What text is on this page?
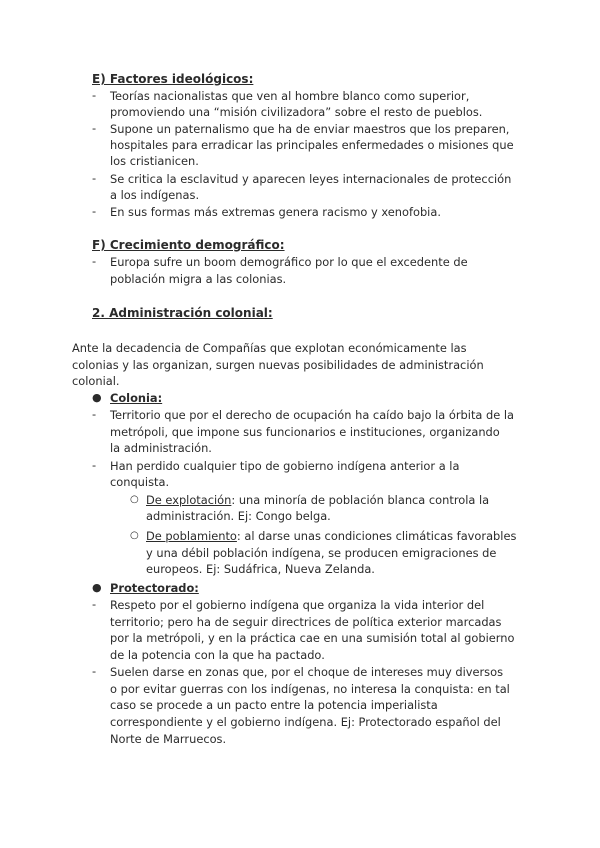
E) Factores ideológicos:
- Teorías nacionalistas que ven al hombre blanco como superior,
promoviendo una “misión civilizadora” sobre el resto de pueblos.
- Supone un paternalismo que ha de enviar maestros que los preparen,
hospitales para erradicar las principales enfermedades o misiones que
los cristianicen.
- Se critica la esclavitud y aparecen leyes internacionales de protección
a los indígenas.
- En sus formas más extremas genera racismo y xenofobia.
F) Crecimiento demográfico:
- Europa sufre un boom demográfico por lo que el excedente de
población migra a las colonias.
2. Administración colonial:
Ante la decadencia de Compañías que explotan económicamente las
colonias y las organizan, surgen nuevas posibilidades de administración
colonial.
● Colonia:
- Territorio que por el derecho de ocupación ha caído bajo la órbita de la
metrópoli, que impone sus funcionarios e instituciones, organizando
la administración.
- Han perdido cualquier tipo de gobierno indígena anterior a la
conquista.
○ De explotación: una minoría de población blanca controla la
administración. Ej: Congo belga.
○ De poblamiento: al darse unas condiciones climáticas favorables
y una débil población indígena, se producen emigraciones de
europeos. Ej: Sudáfrica, Nueva Zelanda.
● Protectorado:
- Respeto por el gobierno indígena que organiza la vida interior del
territorio; pero ha de seguir directrices de política exterior marcadas
por la metrópoli, y en la práctica cae en una sumisión total al gobierno
de la potencia con la que ha pactado.
- Suelen darse en zonas que, por el choque de intereses muy diversos
o por evitar guerras con los indígenas, no interesa la conquista: en tal
caso se procede a un pacto entre la potencia imperialista
correspondiente y el gobierno indígena. Ej: Protectorado español del
Norte de Marruecos.
